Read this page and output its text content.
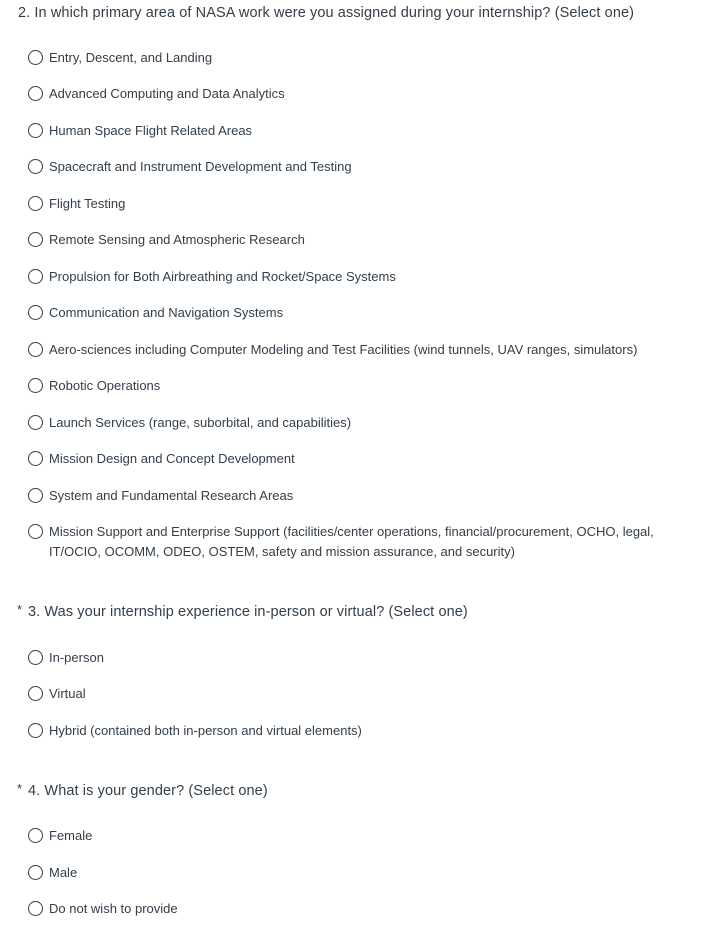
2. In which primary area of NASA work were you assigned during your internship? (Select one)
Entry, Descent, and Landing
Advanced Computing and Data Analytics
Human Space Flight Related Areas
Spacecraft and Instrument Development and Testing
Flight Testing
Remote Sensing and Atmospheric Research
Propulsion for Both Airbreathing and Rocket/Space Systems
Communication and Navigation Systems
Aero-sciences including Computer Modeling and Test Facilities (wind tunnels, UAV ranges, simulators)
Robotic Operations
Launch Services (range, suborbital, and capabilities)
Mission Design and Concept Development
System and Fundamental Research Areas
Mission Support and Enterprise Support (facilities/center operations, financial/procurement, OCHO, legal, IT/OCIO, OCOMM, ODEO, OSTEM, safety and mission assurance, and security)
* 3. Was your internship experience in-person or virtual? (Select one)
In-person
Virtual
Hybrid (contained both in-person and virtual elements)
* 4. What is your gender? (Select one)
Female
Male
Do not wish to provide
